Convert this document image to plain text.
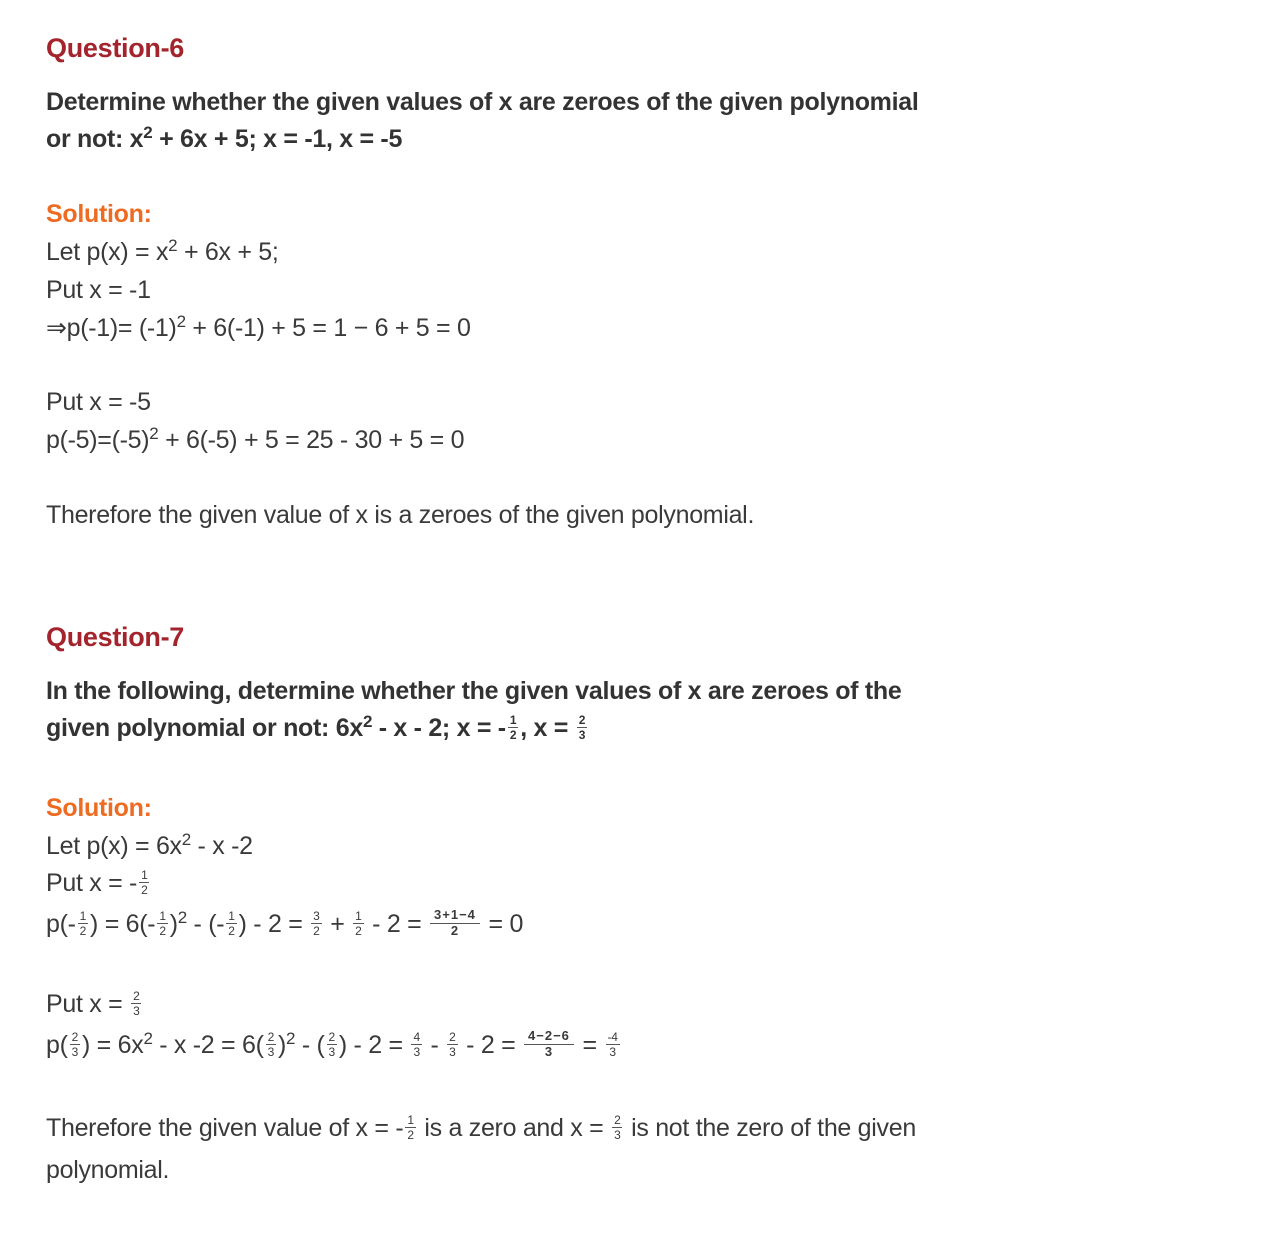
Question-6
Determine whether the given values of x are zeroes of the given polynomial or not: $x^2 + 6x + 5$; x = -1, x = -5
Solution:
Let $p(x) = x^2 + 6x + 5$;
Put x = -1
⇒p(-1)= $(-1)^2 + 6(-1) + 5 = 1 - 6 + 5 = 0$
Put x = -5
$p(-5)=(-5)^2 + 6(-5) + 5 = 25 - 30 + 5 = 0$
Therefore the given value of x is a zeroes of the given polynomial.
Question-7
In the following, determine whether the given values of x are zeroes of the given polynomial or not: $6x^2$ - x - 2; x = - $\frac{1}{2}$ , $x = \frac{2}{3}$
Solution:
Let $p(x) = 6x^2 - x$ -2
Put x = - $\frac{1}{2}$
$p(- \frac{1}{2}$ ) = $6(- \frac{1}{2} )^2$ - (- $\frac{1}{2}$ ) - $2 = \frac{3}{2} + \frac{1}{2} - 2 = \frac{3+1-4}{2} = 0$
Put $x = \frac{2}{3}$
$p( \frac{2}{3}$ ) = $6x^2$ - x $-2 = 6( \frac{2}{3} )^2$ - ( $\frac{2}{3}$ ) - $2 = \frac{4}{3} - \frac{2}{3} - 2 = \frac{4-2-6}{3} = \frac{-4}{3}$
Therefore the given value of x = - $\frac{1}{2}$ is a zero and $x = \frac{2}{3}$ is not the zero of the given polynomial.
